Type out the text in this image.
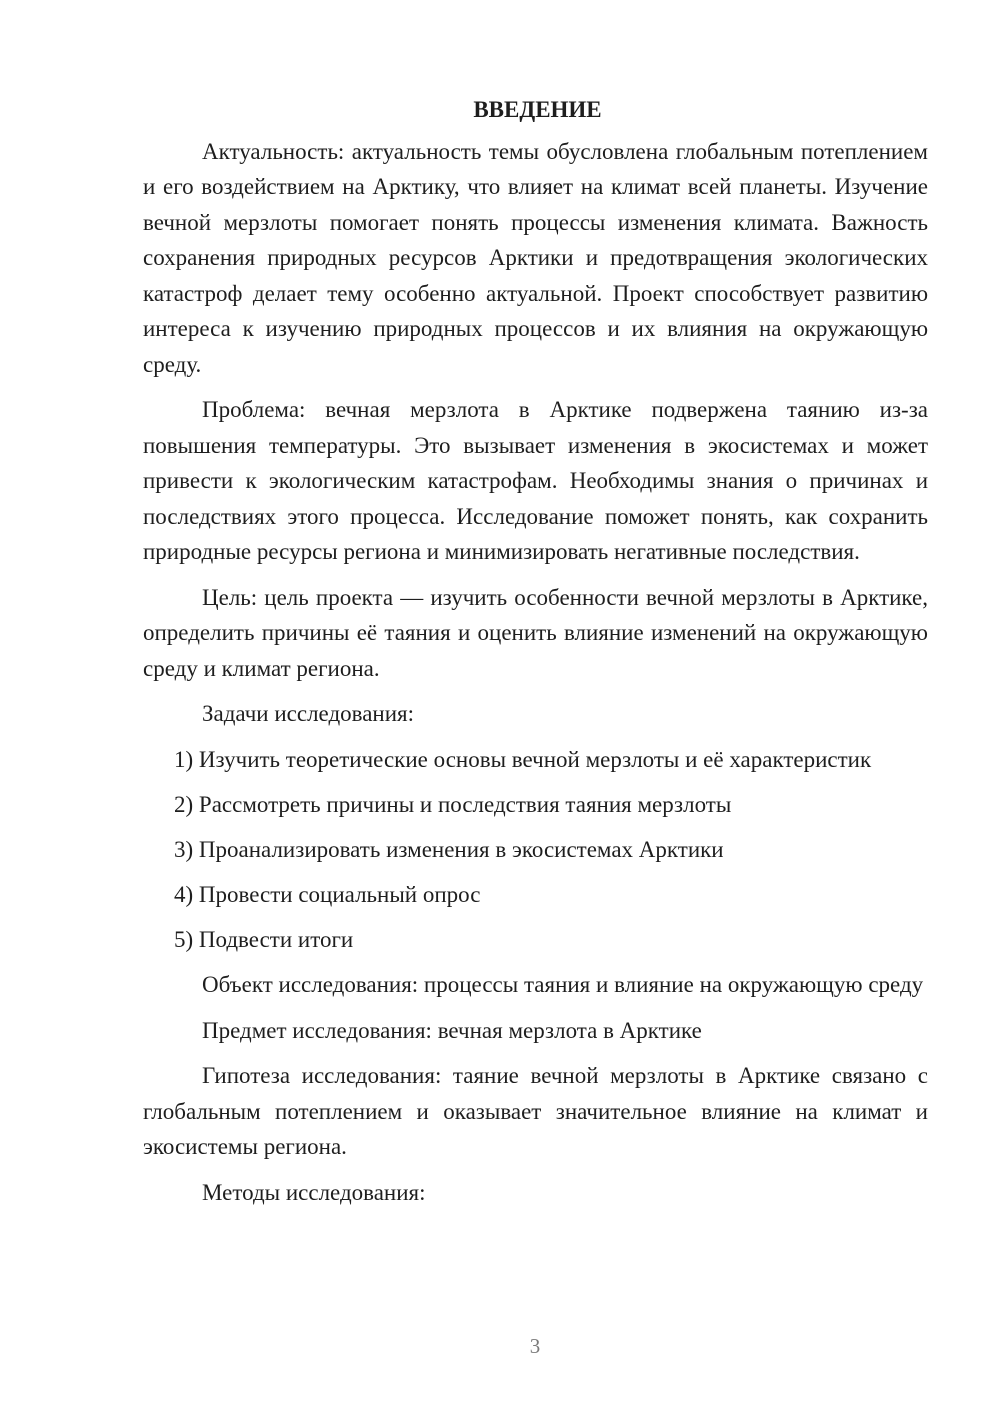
ВВЕДЕНИЕ

Актуальность: актуальность темы обусловлена глобальным потеплением и его воздействием на Арктику, что влияет на климат всей планеты. Изучение вечной мерзлоты помогает понять процессы изменения климата. Важность сохранения природных ресурсов Арктики и предотвращения экологических катастроф делает тему особенно актуальной. Проект способствует развитию интереса к изучению природных процессов и их влияния на окружающую среду.

Проблема: вечная мерзлота в Арктике подвержена таянию из-за повышения температуры. Это вызывает изменения в экосистемах и может привести к экологическим катастрофам. Необходимы знания о причинах и последствиях этого процесса. Исследование поможет понять, как сохранить природные ресурсы региона и минимизировать негативные последствия.

Цель: цель проекта — изучить особенности вечной мерзлоты в Арктике, определить причины её таяния и оценить влияние изменений на окружающую среду и климат региона.

Задачи исследования:

1) Изучить теоретические основы вечной мерзлоты и её характеристик
2) Рассмотреть причины и последствия таяния мерзлоты
3) Проанализировать изменения в экосистемах Арктики
4) Провести социальный опрос
5) Подвести итоги

Объект исследования: процессы таяния и влияние на окружающую среду

Предмет исследования: вечная мерзлота в Арктике

Гипотеза исследования: таяние вечной мерзлоты в Арктике связано с глобальным потеплением и оказывает значительное влияние на климат и экосистемы региона.

Методы исследования:

3
